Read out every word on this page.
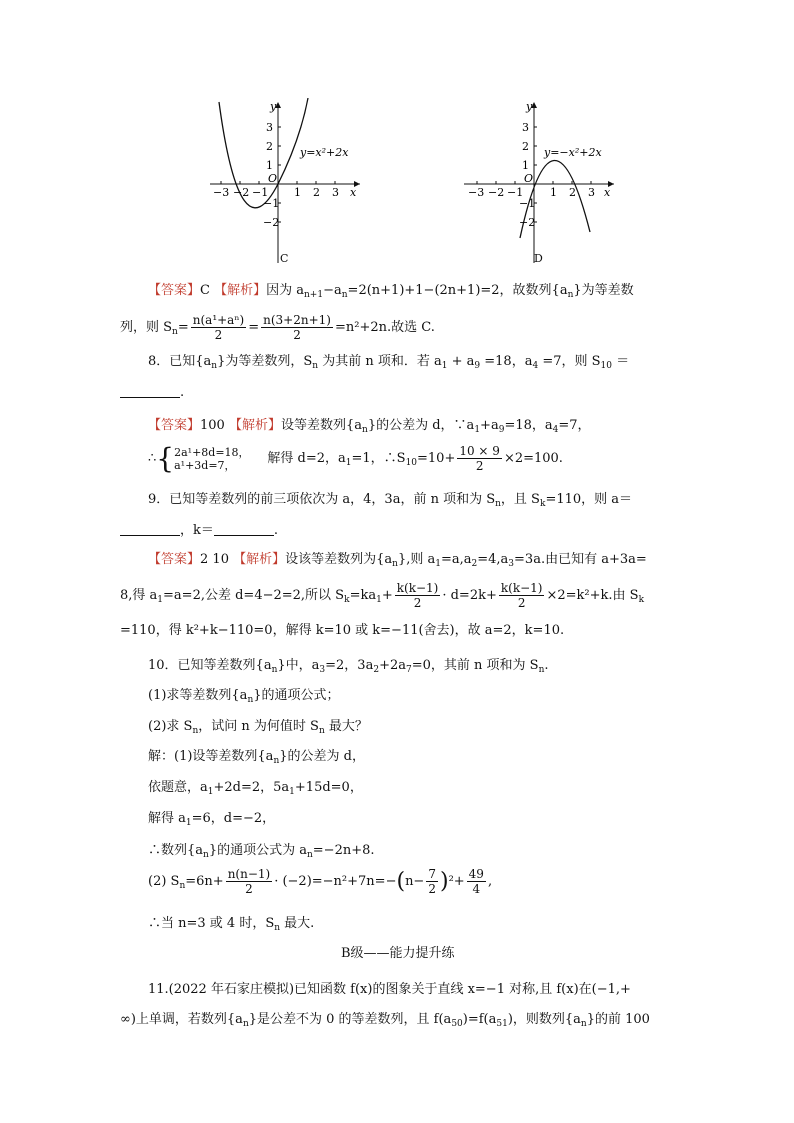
−3 −2 −1 1 2 3
3
2
1
−1
−2
O
x
y
y=x²+2x
C
−3 −2 −1 1 2 3
3
2
1
−1
−2
O
x
y
y=−x²+2x
D
【答案】C 【解析】因为 $a_{n+1}-a_n=2(n+1)+1-(2n+1)=2$，故数列$\{a_n\}$为等差数
列，则 $S_n= \frac{\text{n(a¹+aⁿ)}}{2} = \frac{n(3+2n+1)}{2} =n^2+2n$.故选 C.
8．已知$\{a_n\}$为等差数列，$S_n$ 为其前 n 项和．若 $a_1 + a_9 =18$，$a_4 =7$，则 $S_{10}$ ＝
.
【答案】100 【解析】设等差数列$\{a_n\}$的公差为 d，$\because a_1+a_9=18$，$a_4=7$，
∴{ 2a¹+8d=18，
a¹+3d=7，	解得 d=2，$a_1=1$，$\therefore S_{10}=10+ \frac{10 \times 9}{2} \times 2=100$.
9．已知等差数列的前三项依次为 a，4，3a，前 n 项和为 $S_n$，且 $S_k=110$，则 a＝
，k＝	.
【答案】2 10 【解析】设该等差数列为$\{a_n\}$,则 $a_1=a,a_2=4,a_3=3a$.由已知有 a+3a=
8,得 $a_1=a=2$,公差 d=4−2=2,所以 $S_k=ka_1+ \frac{k(k-1)}{2} \cdot d=2k+ \frac{k(k-1)}{2} \times 2=k^2+k$.由 $S_k$
=110，得 k²+k−110=0，解得 k=10 或 k=−11(舍去)，故 a=2，k=10.
10．已知等差数列$\{a_n\}$中，$a_3=2$，$3a_2+2a_7=0$，其前 n 项和为 $S_n$.
(1)求等差数列$\{a_n\}$的通项公式；
(2)求 $S_n$，试问 n 为何值时 $S_n$ 最大？
解：(1)设等差数列$\{a_n\}$的公差为 d，
依题意，$a_1+2d=2$，$5a_1+15d=0$，
解得 $a_1=6$，d=−2，
∴数列$\{a_n\}$的通项公式为 $a_n=-2n+8$.
(2) $S_n=6n+ \frac{n(n-1)}{2} \cdot (-2)=-n^2+7n=-(n- \frac{7}{2} )^2+ \frac{49}{4}$ ,
∴当 n=3 或 4 时，$S_n$ 最大.
B级——能力提升练
11.(2022 年石家庄模拟)已知函数 f(x)的图象关于直线 x=−1 对称,且 f(x)在(−1,+
∞)上单调，若数列$\{a_n\}$是公差不为 0 的等差数列，且 $f(a_{50})=f(a_{51})$，则数列$\{a_n\}$的前 100
